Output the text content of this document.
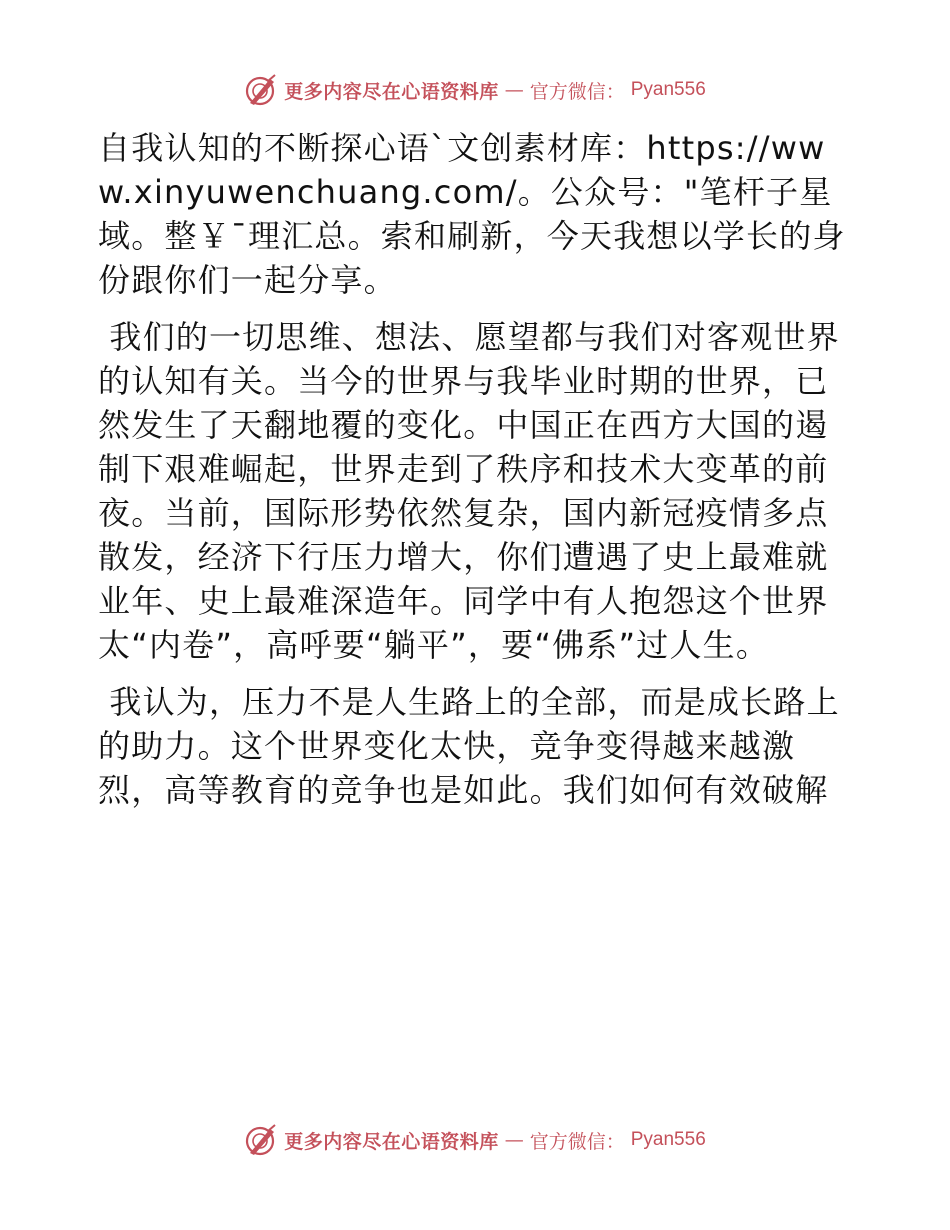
更多内容尽在心语资料库 — 官方微信： Pyan556

自我认知的不断探心语`文创素材库：https://www.xinyuwenchuang.com/。公众号："笔杆子星域。整￥¯理汇总。索和刷新，今天我想以学长的身份跟你们一起分享。

我们的一切思维、想法、愿望都与我们对客观世界的认知有关。当今的世界与我毕业时期的世界，已然发生了天翻地覆的变化。中国正在西方大国的遏制下艰难崛起，世界走到了秩序和技术大变革的前夜。当前，国际形势依然复杂，国内新冠疫情多点散发，经济下行压力增大，你们遭遇了史上最难就业年、史上最难深造年。同学中有人抱怨这个世界太“内卷”，高呼要“躺平”，要“佛系”过人生。

我认为，压力不是人生路上的全部，而是成长路上的助力。这个世界变化太快，竞争变得越来越激烈，高等教育的竞争也是如此。我们如何有效破解

更多内容尽在心语资料库 — 官方微信： Pyan556
